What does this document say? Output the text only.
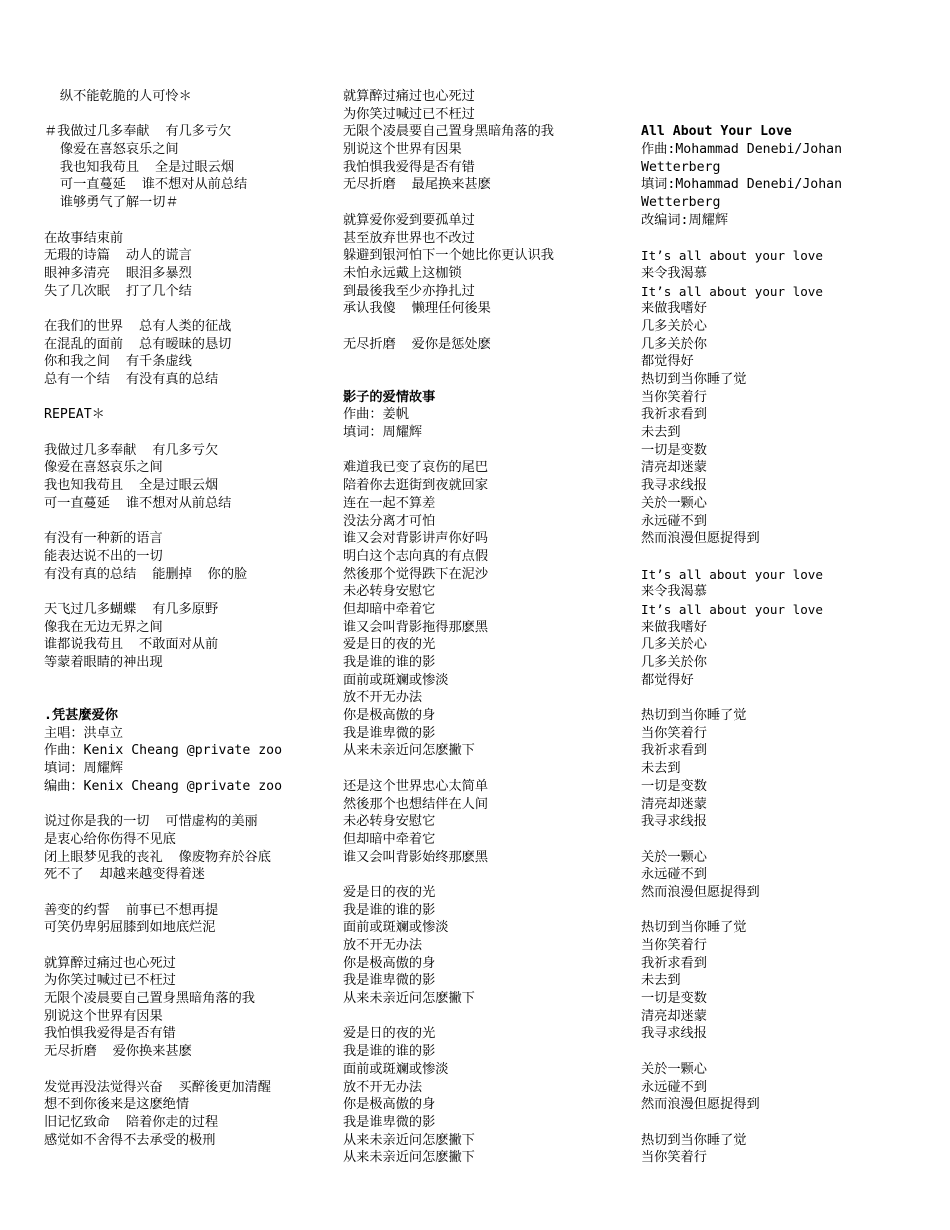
纵不能乾脆的人可怜＊
＃我做过几多奉献  有几多亏欠
像爱在喜怒哀乐之间
我也知我苟且  全是过眼云烟
可一直蔓延  谁不想对从前总结
谁够勇气了解一切＃
在故事结束前
无瑕的诗篇  动人的谎言
眼神多清亮  眼泪多暴烈
失了几次眠  打了几个结
在我们的世界  总有人类的征战
在混乱的面前  总有暧昧的恳切
你和我之间  有千条虚线
总有一个结  有没有真的总结
REPEAT＊
我做过几多奉献  有几多亏欠
像爱在喜怒哀乐之间
我也知我苟且  全是过眼云烟
可一直蔓延  谁不想对从前总结
有没有一种新的语言
能表达说不出的一切
有没有真的总结  能删掉  你的脸
天飞过几多蝴蝶  有几多原野
像我在无边无界之间
谁都说我苟且  不敢面对从前
等蒙着眼睛的神出现
.凭甚麼爱你
主唱：洪卓立
作曲：Kenix Cheang @private zoo
填词：周耀辉
编曲：Kenix Cheang @private zoo
说过你是我的一切  可惜虚构的美丽
是衷心给你伤得不见底
闭上眼梦见我的丧礼  像废物弃於谷底
死不了  却越来越变得着迷
善变的约誓  前事已不想再提
可笑仍卑躬屈膝到如地底烂泥
就算醉过痛过也心死过
为你笑过喊过已不枉过
无限个凌晨要自己置身黑暗角落的我
别说这个世界有因果
我怕惧我爱得是否有错
无尽折磨  爱你换来甚麽
发觉再没法觉得兴奋  买醉後更加清醒
想不到你後来是这麽绝情
旧记忆致命  陪着你走的过程
感觉如不舍得不去承受的极刑
就算醉过痛过也心死过
为你笑过喊过已不枉过
无限个凌晨要自己置身黑暗角落的我
别说这个世界有因果
我怕惧我爱得是否有错
无尽折磨  最尾换来甚麽
就算爱你爱到要孤单过
甚至放弃世界也不改过
躲避到银河怕下一个她比你更认识我
未怕永远戴上这枷锁
到最後我至少亦挣扎过
承认我傻  懒理任何後果
无尽折磨  爱你是惩处麽
影子的爱情故事
作曲：姜帆
填词：周耀辉
难道我已变了哀伤的尾巴
陪着你去逛街到夜就回家
连在一起不算差
没法分离才可怕
谁又会对背影讲声你好吗
明白这个志向真的有点假
然後那个觉得跌下在泥沙
未必转身安慰它
但却暗中牵着它
谁又会叫背影拖得那麽黑
爱是日的夜的光
我是谁的谁的影
面前或斑斓或惨淡
放不开无办法
你是极高傲的身
我是谁卑微的影
从来未亲近问怎麽撇下
还是这个世界忠心太简单
然後那个也想结伴在人间
未必转身安慰它
但却暗中牵着它
谁又会叫背影始终那麽黑
爱是日的夜的光
我是谁的谁的影
面前或斑斓或惨淡
放不开无办法
你是极高傲的身
我是谁卑微的影
从来未亲近问怎麽撇下
爱是日的夜的光
我是谁的谁的影
面前或斑斓或惨淡
放不开无办法
你是极高傲的身
我是谁卑微的影
从来未亲近问怎麽撇下
从来未亲近问怎麽撇下
All About Your Love
作曲:Mohammad Denebi/Johan
Wetterberg
填词:Mohammad Denebi/Johan
Wetterberg
改编词:周耀辉
It’s all about your love
来令我渴慕
It’s all about your love
来做我嗜好
几多关於心
几多关於你
都觉得好
热切到当你睡了觉
当你笑着行
我祈求看到
未去到
一切是变数
清亮却迷蒙
我寻求线报
关於一颗心
永远碰不到
然而浪漫但愿捉得到
It’s all about your love
来令我渴慕
It’s all about your love
来做我嗜好
几多关於心
几多关於你
都觉得好
热切到当你睡了觉
当你笑着行
我祈求看到
未去到
一切是变数
清亮却迷蒙
我寻求线报
关於一颗心
永远碰不到
然而浪漫但愿捉得到
热切到当你睡了觉
当你笑着行
我祈求看到
未去到
一切是变数
清亮却迷蒙
我寻求线报
关於一颗心
永远碰不到
然而浪漫但愿捉得到
热切到当你睡了觉
当你笑着行
